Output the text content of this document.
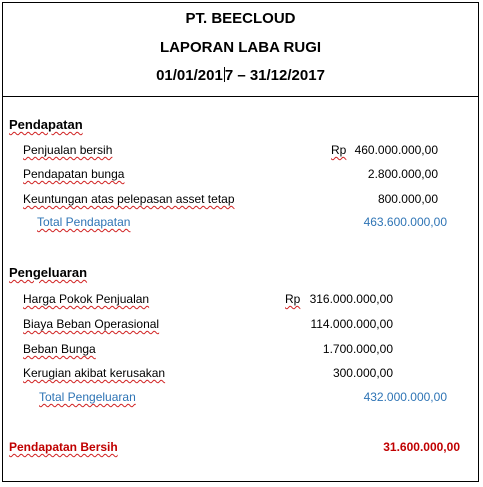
PT. BEECLOUD
LAPORAN LABA RUGI
01/01/201 7 – 31/12/2017
Pendapatan
Penjualan bersih	Rp 460.000.000,00
Pendapatan bunga	2.800.000,00
Keuntungan atas pelepasan asset tetap	800.000,00
Total Pendapatan	463.600.000,00
Pengeluaran
Harga Pokok Penjualan	Rp 316.000.000,00
Biaya Beban Operasional	114.000.000,00
Beban Bunga	1.700.000,00
Kerugian akibat kerusakan	300.000,00
Total Pengeluaran	432.000.000,00
Pendapatan Bersih	31.600.000,00
